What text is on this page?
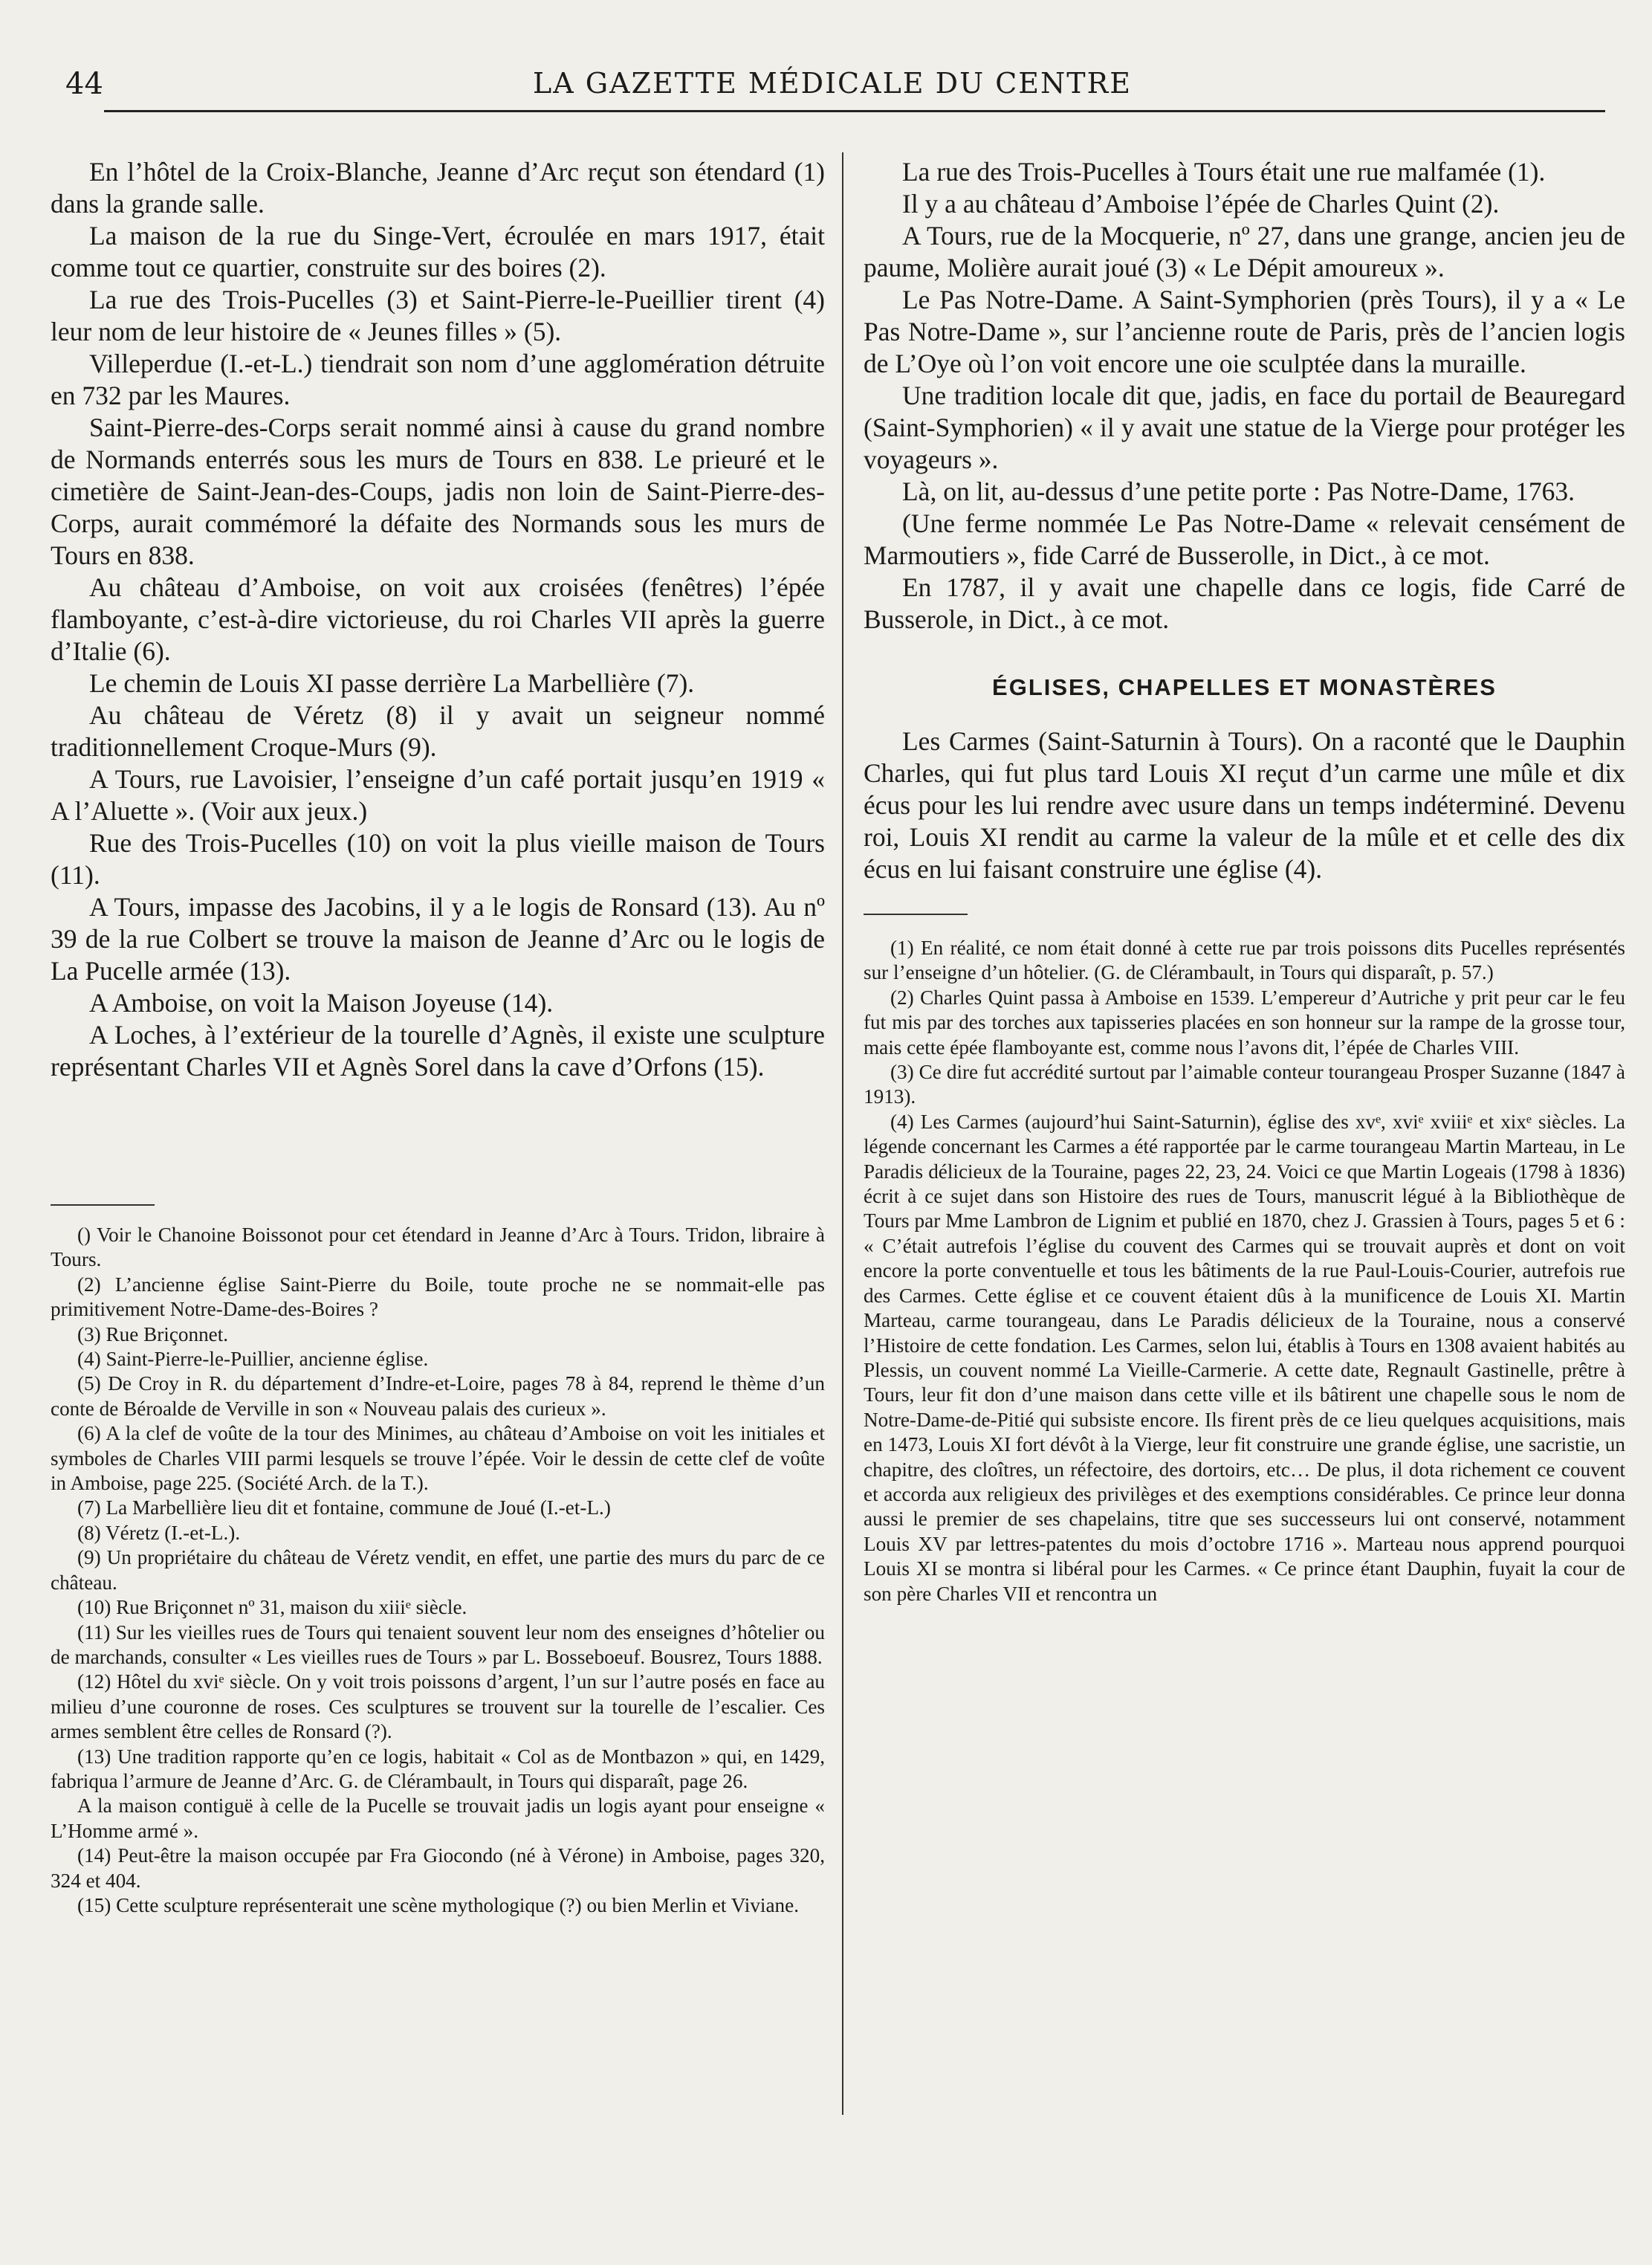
44	LA GAZETTE MÉDICALE DU CENTRE

En l’hôtel de la Croix-Blanche, Jeanne d’Arc reçut son étendard (1) dans la grande salle.

La maison de la rue du Singe-Vert, écroulée en mars 1917, était comme tout ce quartier, construite sur des boires (2).

La rue des Trois-Pucelles (3) et Saint-Pierre-le-Pueillier tirent (4) leur nom de leur histoire de « Jeunes filles » (5).

Villeperdue (I.-et-L.) tiendrait son nom d’une agglomération détruite en 732 par les Maures.

Saint-Pierre-des-Corps serait nommé ainsi à cause du grand nombre de Normands enterrés sous les murs de Tours en 838. Le prieuré et le cimetière de Saint-Jean-des-Coups, jadis non loin de Saint-Pierre-des-Corps, aurait commémoré la défaite des Normands sous les murs de Tours en 838.

Au château d’Amboise, on voit aux croisées (fenêtres) l’épée flamboyante, c’est-à-dire victorieuse, du roi Charles VII après la guerre d’Italie (6).

Le chemin de Louis XI passe derrière La Marbellière (7).

Au château de Véretz (8) il y avait un seigneur nommé traditionnellement Croque-Murs (9).

A Tours, rue Lavoisier, l’enseigne d’un café portait jusqu’en 1919 « A l’Aluette ». (Voir aux jeux.)

Rue des Trois-Pucelles (10) on voit la plus vieille maison de Tours (11).

A Tours, impasse des Jacobins, il y a le logis de Ronsard (13). Au nº 39 de la rue Colbert se trouve la maison de Jeanne d’Arc ou le logis de La Pucelle armée (13).

A Amboise, on voit la Maison Joyeuse (14).

A Loches, à l’extérieur de la tourelle d’Agnès, il existe une sculpture représentant Charles VII et Agnès Sorel dans la cave d’Orfons (15).

() Voir le Chanoine Boissonot pour cet étendard in Jeanne d’Arc à Tours. Tridon, libraire à Tours.

(2) L’ancienne église Saint-Pierre du Boile, toute proche ne se nommait-elle pas primitivement Notre-Dame-des-Boires ?

(3) Rue Briçonnet.

(4) Saint-Pierre-le-Puillier, ancienne église.

(5) De Croy in R. du département d’Indre-et-Loire, pages 78 à 84, reprend le thème d’un conte de Béroalde de Verville in son « Nouveau palais des curieux ».

(6) A la clef de voûte de la tour des Minimes, au château d’Amboise on voit les initiales et symboles de Charles VIII parmi lesquels se trouve l’épée. Voir le dessin de cette clef de voûte in Amboise, page 225. (Société Arch. de la T.).

(7) La Marbellière lieu dit et fontaine, commune de Joué (I.-et-L.)

(8) Véretz (I.-et-L.).

(9) Un propriétaire du château de Véretz vendit, en effet, une partie des murs du parc de ce château.

(10) Rue Briçonnet nº 31, maison du xiiiᵉ siècle.

(11) Sur les vieilles rues de Tours qui tenaient souvent leur nom des enseignes d’hôtelier ou de marchands, consulter « Les vieilles rues de Tours » par L. Bosseboeuf. Bousrez, Tours 1888.

(12) Hôtel du xviᵉ siècle. On y voit trois poissons d’argent, l’un sur l’autre posés en face au milieu d’une couronne de roses. Ces sculptures se trouvent sur la tourelle de l’escalier. Ces armes semblent être celles de Ronsard (?).

(13) Une tradition rapporte qu’en ce logis, habitait « Col as de Montbazon » qui, en 1429, fabriqua l’armure de Jeanne d’Arc. G. de Clérambault, in Tours qui disparaît, page 26.

A la maison contiguë à celle de la Pucelle se trouvait jadis un logis ayant pour enseigne « L’Homme armé ».

(14) Peut-être la maison occupée par Fra Giocondo (né à Vérone) in Amboise, pages 320, 324 et 404.

(15) Cette sculpture représenterait une scène mythologique (?) ou bien Merlin et Viviane.

La rue des Trois-Pucelles à Tours était une rue malfamée (1).

Il y a au château d’Amboise l’épée de Charles Quint (2).

A Tours, rue de la Mocquerie, nº 27, dans une grange, ancien jeu de paume, Molière aurait joué (3) « Le Dépit amoureux ».

Le Pas Notre-Dame. A Saint-Symphorien (près Tours), il y a « Le Pas Notre-Dame », sur l’ancienne route de Paris, près de l’ancien logis de L’Oye où l’on voit encore une oie sculptée dans la muraille.

Une tradition locale dit que, jadis, en face du portail de Beauregard (Saint-Symphorien) « il y avait une statue de la Vierge pour protéger les voyageurs ».

Là, on lit, au-dessus d’une petite porte : Pas Notre-Dame, 1763.

(Une ferme nommée Le Pas Notre-Dame « relevait censément de Marmoutiers », fide Carré de Busserolle, in Dict., à ce mot.

En 1787, il y avait une chapelle dans ce logis, fide Carré de Busserole, in Dict., à ce mot.

ÉGLISES, CHAPELLES ET MONASTÈRES

Les Carmes (Saint-Saturnin à Tours). On a raconté que le Dauphin Charles, qui fut plus tard Louis XI reçut d’un carme une mûle et dix écus pour les lui rendre avec usure dans un temps indéterminé. Devenu roi, Louis XI rendit au carme la valeur de la mûle et et celle des dix écus en lui faisant construire une église (4).

(1) En réalité, ce nom était donné à cette rue par trois poissons dits Pucelles représentés sur l’enseigne d’un hôtelier. (G. de Clérambault, in Tours qui disparaît, p. 57.)

(2) Charles Quint passa à Amboise en 1539. L’empereur d’Autriche y prit peur car le feu fut mis par des torches aux tapisseries placées en son honneur sur la rampe de la grosse tour, mais cette épée flamboyante est, comme nous l’avons dit, l’épée de Charles VIII.

(3) Ce dire fut accrédité surtout par l’aimable conteur tourangeau Prosper Suzanne (1847 à 1913).

(4) Les Carmes (aujourd’hui Saint-Saturnin), église des xvᵉ, xviᵉ xviiiᵉ et xixᵉ siècles. La légende concernant les Carmes a été rapportée par le carme tourangeau Martin Marteau, in Le Paradis délicieux de la Touraine, pages 22, 23, 24. Voici ce que Martin Logeais (1798 à 1836) écrit à ce sujet dans son Histoire des rues de Tours, manuscrit légué à la Bibliothèque de Tours par Mme Lambron de Lignim et publié en 1870, chez J. Grassien à Tours, pages 5 et 6 : « C’était autrefois l’église du couvent des Carmes qui se trouvait auprès et dont on voit encore la porte conventuelle et tous les bâtiments de la rue Paul-Louis-Courier, autrefois rue des Carmes. Cette église et ce couvent étaient dûs à la munificence de Louis XI. Martin Marteau, carme tourangeau, dans Le Paradis délicieux de la Touraine, nous a conservé l’Histoire de cette fondation. Les Carmes, selon lui, établis à Tours en 1308 avaient habités au Plessis, un couvent nommé La Vieille-Carmerie. A cette date, Regnault Gastinelle, prêtre à Tours, leur fit don d’une maison dans cette ville et ils bâtirent une chapelle sous le nom de Notre-Dame-de-Pitié qui subsiste encore. Ils firent près de ce lieu quelques acquisitions, mais en 1473, Louis XI fort dévôt à la Vierge, leur fit construire une grande église, une sacristie, un chapitre, des cloîtres, un réfectoire, des dortoirs, etc… De plus, il dota richement ce couvent et accorda aux religieux des privilèges et des exemptions considérables. Ce prince leur donna aussi le premier de ses chapelains, titre que ses successeurs lui ont conservé, notamment Louis XV par lettres-patentes du mois d’octobre 1716 ». Marteau nous apprend pourquoi Louis XI se montra si libéral pour les Carmes. « Ce prince étant Dauphin, fuyait la cour de son père Charles VII et rencontra un
